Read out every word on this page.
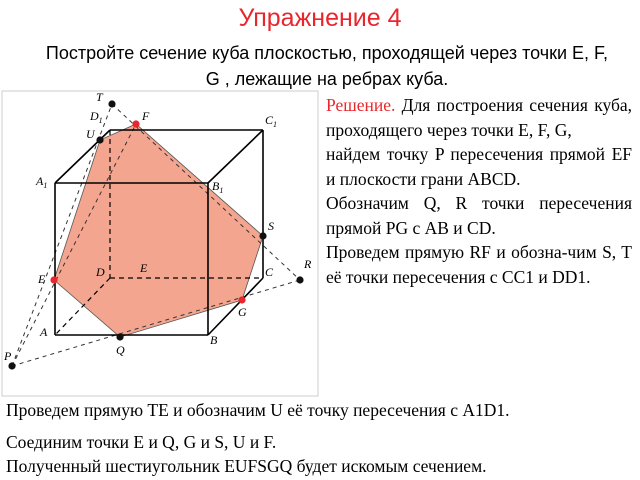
Упражнение 4
Постройте сечение куба плоскостью, проходящей через точки E, F,
G , лежащие на ребрах куба.
T
$D_1$	F	$C_1$
U
$A_1$	$B_1$
S
D	E
E	C
R
G
A
B
Q
P

Решение. Для построения сечения куба, проходящего через точки E, F, G,

найдем точку P пересечения прямой EF и плоскости грани ABCD.

Обозначим Q, R точки пересечения прямой PG с AB и CD.

Проведем прямую RF и обозна-чим S, T её точки пересечения с CC1 и DD1.

Проведем прямую TE и обозначим U её точку пересечения с A1D1.
Соединим точки E и Q, G и S, U и F.
Полученный шестиугольник EUFSGQ будет искомым сечением.
